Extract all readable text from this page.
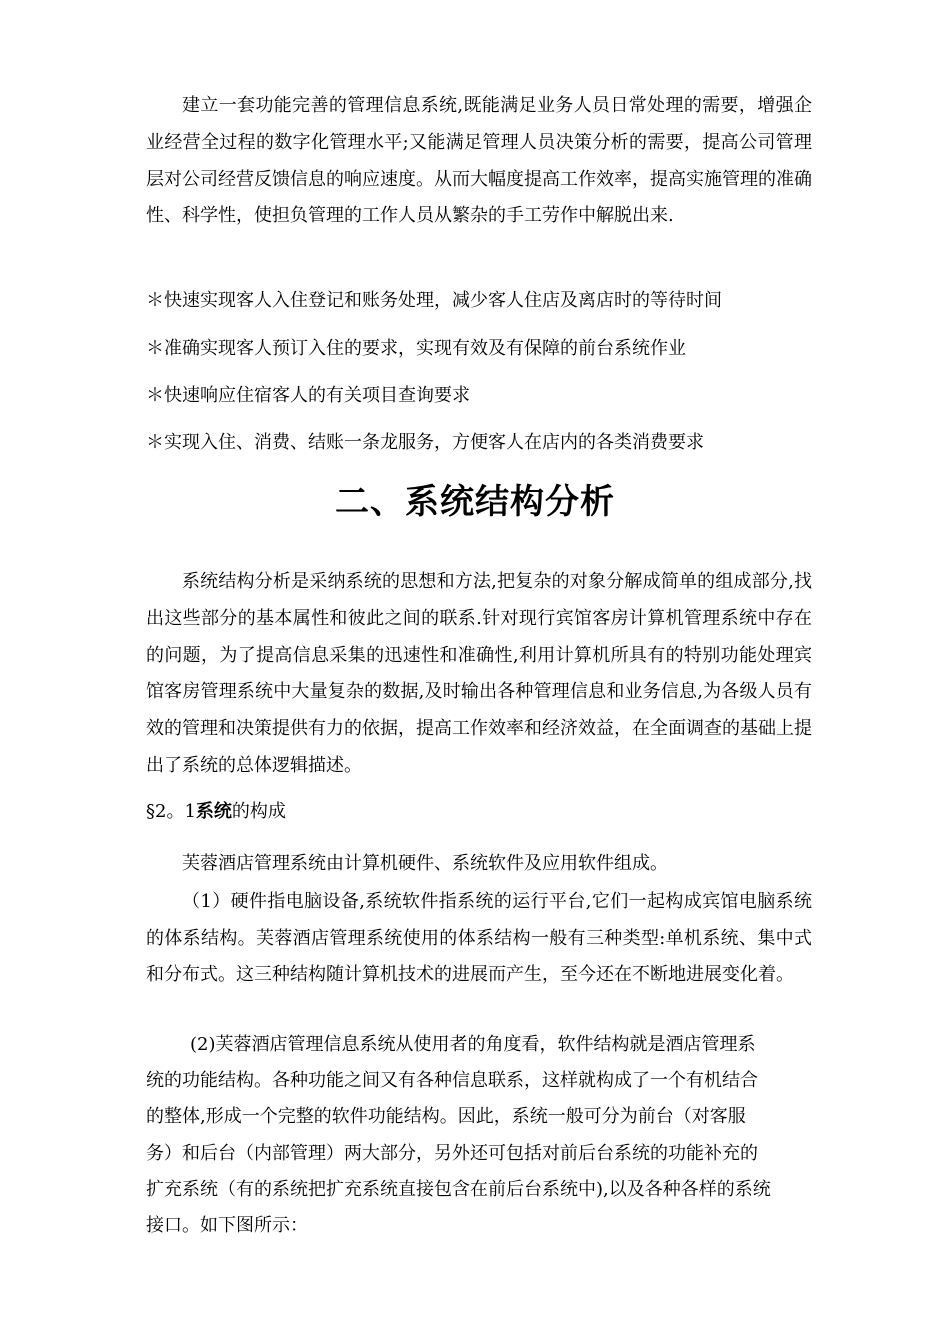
建立一套功能完善的管理信息系统,既能满足业务人员日常处理的需要，增强企业经营全过程的数字化管理水平;又能满足管理人员决策分析的需要，提高公司管理层对公司经营反馈信息的响应速度。从而大幅度提高工作效率，提高实施管理的准确性、科学性，使担负管理的工作人员从繁杂的手工劳作中解脱出来.

＊快速实现客人入住登记和账务处理，减少客人住店及离店时的等待时间

＊准确实现客人预订入住的要求，实现有效及有保障的前台系统作业

＊快速响应住宿客人的有关项目查询要求

＊实现入住、消费、结账一条龙服务，方便客人在店内的各类消费要求

二、系统结构分析

系统结构分析是采纳系统的思想和方法,把复杂的对象分解成简单的组成部分,找出这些部分的基本属性和彼此之间的联系.针对现行宾馆客房计算机管理系统中存在的问题，为了提高信息采集的迅速性和准确性,利用计算机所具有的特别功能处理宾馆客房管理系统中大量复杂的数据,及时输出各种管理信息和业务信息,为各级人员有效的管理和决策提供有力的依据，提高工作效率和经济效益，在全面调查的基础上提出了系统的总体逻辑描述。

§2。1系统的构成

芙蓉酒店管理系统由计算机硬件、系统软件及应用软件组成。

（1）硬件指电脑设备,系统软件指系统的运行平台,它们一起构成宾馆电脑系统的体系结构。芙蓉酒店管理系统使用的体系结构一般有三种类型:单机系统、集中式和分布式。这三种结构随计算机技术的进展而产生，至今还在不断地进展变化着。

(2)芙蓉酒店管理信息系统从使用者的角度看，软件结构就是酒店管理系

统的功能结构。各种功能之间又有各种信息联系，这样就构成了一个有机结合

的整体,形成一个完整的软件功能结构。因此，系统一般可分为前台（对客服

务）和后台（内部管理）两大部分，另外还可包括对前后台系统的功能补充的

扩充系统（有的系统把扩充系统直接包含在前后台系统中),以及各种各样的系统

接口。如下图所示：
